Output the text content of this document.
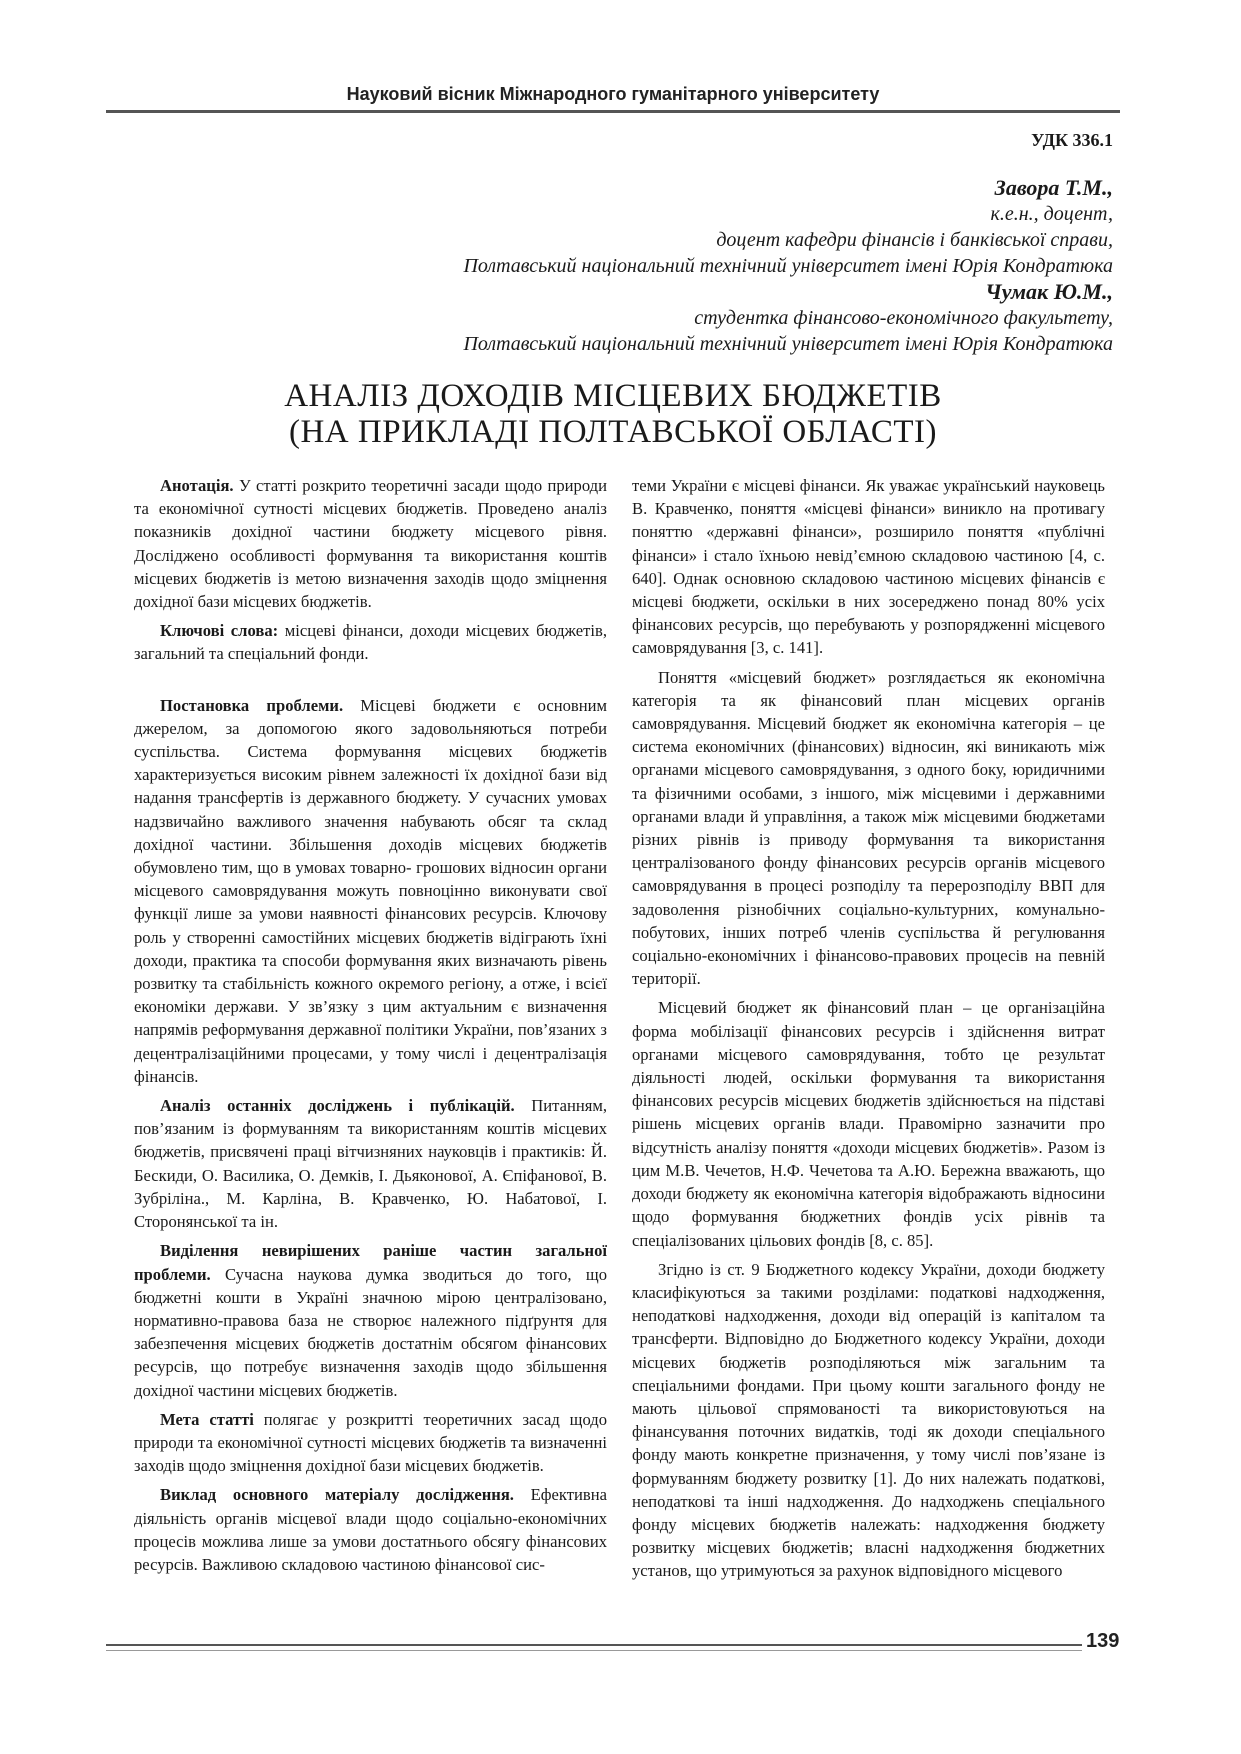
Науковий вісник Міжнародного гуманітарного університету
УДК 336.1
Завора Т.М.,
к.е.н., доцент,
доцент кафедри фінансів і банківської справи,
Полтавський національний технічний університет імені Юрія Кондратюка
Чумак Ю.М.,
студентка фінансово-економічного факультету,
Полтавський національний технічний університет імені Юрія Кондратюка
АНАЛІЗ ДОХОДІВ МІСЦЕВИХ БЮДЖЕТІВ
(НА ПРИКЛАДІ ПОЛТАВСЬКОЇ ОБЛАСТІ)

Анотація. У статті розкрито теоретичні засади щодо природи та економічної сутності місцевих бюджетів. Проведено аналіз показників дохідної частини бюджету місцевого рівня. Досліджено особливості формування та використання коштів місцевих бюджетів із метою визначення заходів щодо зміцнення дохідної бази місцевих бюджетів.

Ключові слова: місцеві фінанси, доходи місцевих бюджетів, загальний та спеціальний фонди.

Постановка проблеми. Місцеві бюджети є основним джерелом, за допомогою якого задовольняються потреби суспільства. Система формування місцевих бюджетів характеризується високим рівнем залежності їх дохідної бази від надання трансфертів із державного бюджету. У сучасних умовах надзвичайно важливого значення набувають обсяг та склад дохідної частини. Збільшення доходів місцевих бюджетів обумовлено тим, що в умовах товарно- грошових відносин органи місцевого самоврядування можуть повноцінно виконувати свої функції лише за умови наявності фінансових ресурсів. Ключову роль у створенні самостійних місцевих бюджетів відіграють їхні доходи, практика та способи формування яких визначають рівень розвитку та стабільність кожного окремого регіону, а отже, і всієї економіки держави. У зв’язку з цим актуальним є визначення напрямів реформування державної політики України, пов’язаних з децентралізаційними процесами, у тому числі і децентралізація фінансів.

Аналіз останніх досліджень і публікацій. Питанням, пов’язаним із формуванням та використанням коштів місцевих бюджетів, присвячені праці вітчизняних науковців і практиків: Й. Бескиди, О. Василика, О. Демків, І. Дьяконової, А. Єпіфанової, В. Зубріліна., М. Карліна, В. Кравченко, Ю. Набатової, І. Сторонянської та ін.

Виділення невирішених раніше частин загальної проблеми. Сучасна наукова думка зводиться до того, що бюджетні кошти в Україні значною мірою централізовано, нормативно-правова база не створює належного підґрунтя для забезпечення місцевих бюджетів достатнім обсягом фінансових ресурсів, що потребує визначення заходів щодо збільшення дохідної частини місцевих бюджетів.

Мета статті полягає у розкритті теоретичних засад щодо природи та економічної сутності місцевих бюджетів та визначенні заходів щодо зміцнення дохідної бази місцевих бюджетів.

Виклад основного матеріалу дослідження. Ефективна діяльність органів місцевої влади щодо соціально-економічних процесів можлива лише за умови достатнього обсягу фінансових ресурсів. Важливою складовою частиною фінансової сис-

теми України є місцеві фінанси. Як уважає український науковець В. Кравченко, поняття «місцеві фінанси» виникло на противагу поняттю «державні фінанси», розширило поняття «публічні фінанси» і стало їхньою невід’ємною складовою частиною [4, с. 640]. Однак основною складовою частиною місцевих фінансів є місцеві бюджети, оскільки в них зосереджено понад 80% усіх фінансових ресурсів, що перебувають у розпорядженні місцевого самоврядування [3, с. 141].

Поняття «місцевий бюджет» розглядається як економічна категорія та як фінансовий план місцевих органів самоврядування. Місцевий бюджет як економічна категорія – це система економічних (фінансових) відносин, які виникають між органами місцевого самоврядування, з одного боку, юридичними та фізичними особами, з іншого, між місцевими і державними органами влади й управління, а також між місцевими бюджетами різних рівнів із приводу формування та використання централізованого фонду фінансових ресурсів органів місцевого самоврядування в процесі розподілу та перерозподілу ВВП для задоволення різнобічних соціально-культурних, комунально-побутових, інших потреб членів суспільства й регулювання соціально-економічних і фінансово-правових процесів на певній території.

Місцевий бюджет як фінансовий план – це організаційна форма мобілізації фінансових ресурсів і здійснення витрат органами місцевого самоврядування, тобто це результат діяльності людей, оскільки формування та використання фінансових ресурсів місцевих бюджетів здійснюється на підставі рішень місцевих органів влади. Правомірно зазначити про відсутність аналізу поняття «доходи місцевих бюджетів». Разом із цим М.В. Чечетов, Н.Ф. Чечетова та А.Ю. Бережна вважають, що доходи бюджету як економічна категорія відображають відносини щодо формування бюджетних фондів усіх рівнів та спеціалізованих цільових фондів [8, с. 85].

Згідно із ст. 9 Бюджетного кодексу України, доходи бюджету класифікуються за такими розділами: податкові надходження, неподаткові надходження, доходи від операцій із капіталом та трансферти. Відповідно до Бюджетного кодексу України, доходи місцевих бюджетів розподіляються між загальним та спеціальними фондами. При цьому кошти загального фонду не мають цільової спрямованості та використовуються на фінансування поточних видатків, тоді як доходи спеціального фонду мають конкретне призначення, у тому числі пов’язане із формуванням бюджету розвитку [1]. До них належать податкові, неподаткові та інші надходження. До надходжень спеціального фонду місцевих бюджетів належать: надходження бюджету розвитку місцевих бюджетів; власні надходження бюджетних установ, що утримуються за рахунок відповідного місцевого

139
